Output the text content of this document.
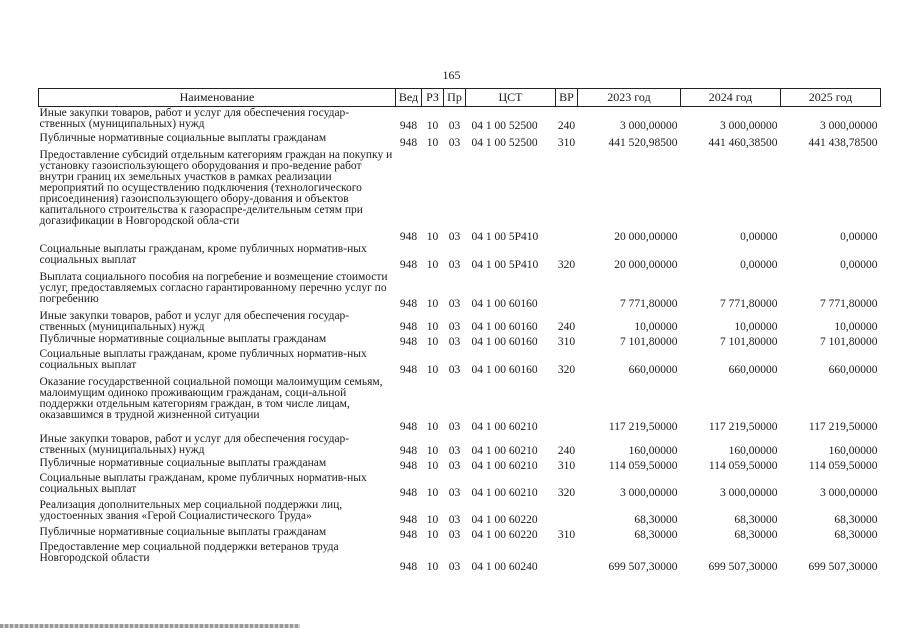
165
Наименование	Вед	РЗ	Пр	ЦСТ	ВР	2023 год	2024 год	2025 год
Иные закупки товаров, работ и услуг для обеспечения государ-ственных (муниципальных) нужд	948	10	03	04 1 00 52500	240	3 000,00000	3 000,00000	3 000,00000
Публичные нормативные социальные выплаты гражданам	948	10	03	04 1 00 52500	310	441 520,98500	441 460,38500	441 438,78500
Предоставление субсидий отдельным категориям граждан на покупку и установку газоиспользующего оборудования и про-ведение работ внутри границ их земельных участков в рамках реализации мероприятий по осуществлению подключения (технологического присоединения) газоиспользующего обору-дования и объектов капитального строительства к газораспре-делительным сетям при догазификации в Новгородской обла-сти	948	10	03	04 1 00 5Р410		20 000,00000	0,00000	0,00000
Социальные выплаты гражданам, кроме публичных норматив-ных социальных выплат	948	10	03	04 1 00 5Р410	320	20 000,00000	0,00000	0,00000
Выплата социального пособия на погребение и возмещение стоимости услуг, предоставляемых согласно гарантированному перечню услуг по погребению	948	10	03	04 1 00 60160		7 771,80000	7 771,80000	7 771,80000
Иные закупки товаров, работ и услуг для обеспечения государ-ственных (муниципальных) нужд	948	10	03	04 1 00 60160	240	10,00000	10,00000	10,00000
Публичные нормативные социальные выплаты гражданам	948	10	03	04 1 00 60160	310	7 101,80000	7 101,80000	7 101,80000
Социальные выплаты гражданам, кроме публичных норматив-ных социальных выплат	948	10	03	04 1 00 60160	320	660,00000	660,00000	660,00000
Оказание государственной социальной помощи малоимущим семьям, малоимущим одиноко проживающим гражданам, соци-альной поддержки отдельным категориям граждан, в том числе лицам, оказавшимся в трудной жизненной ситуации	948	10	03	04 1 00 60210		117 219,50000	117 219,50000	117 219,50000
Иные закупки товаров, работ и услуг для обеспечения государ-ственных (муниципальных) нужд	948	10	03	04 1 00 60210	240	160,00000	160,00000	160,00000
Публичные нормативные социальные выплаты гражданам	948	10	03	04 1 00 60210	310	114 059,50000	114 059,50000	114 059,50000
Социальные выплаты гражданам, кроме публичных норматив-ных социальных выплат	948	10	03	04 1 00 60210	320	3 000,00000	3 000,00000	3 000,00000
Реализация дополнительных мер социальной поддержки лиц, удостоенных звания «Герой Социалистического Труда»	948	10	03	04 1 00 60220		68,30000	68,30000	68,30000
Публичные нормативные социальные выплаты гражданам	948	10	03	04 1 00 60220	310	68,30000	68,30000	68,30000
Предоставление мер социальной поддержки ветеранов труда Новгородской области	948	10	03	04 1 00 60240		699 507,30000	699 507,30000	699 507,30000
